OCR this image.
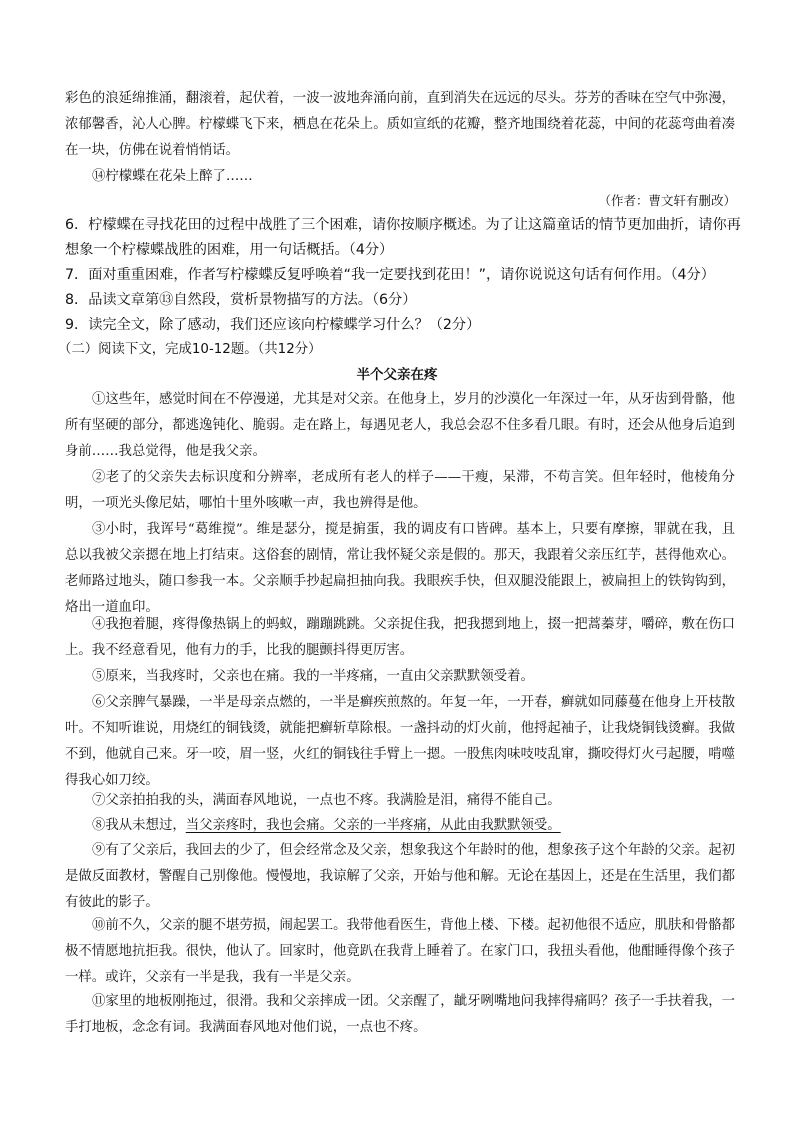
彩色的浪延绵推涌，翻滚着，起伏着，一波一波地奔涌向前，直到消失在远远的尽头。芬芳的香味在空气中弥漫，浓郁馨香，沁人心脾。柠檬蝶飞下来，栖息在花朵上。质如宣纸的花瓣，整齐地围绕着花蕊，中间的花蕊弯曲着凑在一块，仿佛在说着悄悄话。

⑭柠檬蝶在花朵上醉了……

（作者：曹文轩有删改）

6．柠檬蝶在寻找花田的过程中战胜了三个困难，请你按顺序概述。为了让这篇童话的情节更加曲折，请你再想象一个柠檬蝶战胜的困难，用一句话概括。（4分）

7．面对重重困难，作者写柠檬蝶反复呼唤着“我一定要找到花田！”，请你说说这句话有何作用。（4分）

8．品读文章第⑬自然段，赏析景物描写的方法。（6分）

9．读完全文，除了感动，我们还应该向柠檬蝶学习什么？（2分）

（二）阅读下文，完成10-12题。（共12分）

半个父亲在疼

①这些年，感觉时间在不停漫递，尤其是对父亲。在他身上，岁月的沙漠化一年深过一年，从牙齿到骨骼，他所有坚硬的部分，都逃逸钝化、脆弱。走在路上，每遇见老人，我总会忍不住多看几眼。有时，还会从他身后追到身前……我总觉得，他是我父亲。

②老了的父亲失去标识度和分辨率，老成所有老人的样子——干瘦，呆滞，不苟言笑。但年轻时，他棱角分明，一项光头像尼姑，哪怕十里外咳嗽一声，我也辨得是他。

③小时，我诨号“葛维搅”。维是瑟分，搅是掮蛋，我的调皮有口皆碑。基本上，只要有摩擦，罪就在我，且总以我被父亲摁在地上打结束。这俗套的剧情，常让我怀疑父亲是假的。那天，我跟着父亲压红芋，甚得他欢心。老师路过地头，随口参我一本。父亲顺手抄起扁担抽向我。我眼疾手快，但双腿没能跟上，被扁担上的铁钩钩到，烙出一道血印。

④我抱着腿，疼得像热锅上的蚂蚁，蹦蹦跳跳。父亲捉住我，把我摁到地上，掇一把蒿蓁芽，嚼碎，敷在伤口上。我不经意看见，他有力的手，比我的腿颤抖得更厉害。

⑤原来，当我疼时，父亲也在痛。我的一半疼痛，一直由父亲默默领受着。

⑥父亲脾气暴躁，一半是母亲点燃的，一半是癣疾煎熬的。年复一年，一开春，癣就如同藤蔓在他身上开枝散叶。不知听谁说，用烧红的铜钱烫，就能把癣斩草除根。一盏抖动的灯火前，他捋起袖子，让我烧铜钱烫癣。我做不到，他就自己来。牙一咬，眉一竖，火红的铜钱往手臂上一摁。一股焦肉味吱吱乱窜，撕咬得灯火弓起腰，啃噬得我心如刀绞。

⑦父亲拍拍我的头，满面春风地说，一点也不疼。我满脸是泪，痛得不能自己。

⑧我从未想过，当父亲疼时，我也会痛。父亲的一半疼痛，从此由我默默领受。

⑨有了父亲后，我回去的少了，但会经常念及父亲，想象我这个年龄时的他，想象孩子这个年龄的父亲。起初是做反面教材，警醒自己别像他。慢慢地，我谅解了父亲，开始与他和解。无论在基因上，还是在生活里，我们都有彼此的影子。

⑩前不久，父亲的腿不堪劳损，闹起罢工。我带他看医生，背他上楼、下楼。起初他很不适应，肌肤和骨骼都极不情愿地抗拒我。很快，他认了。回家时，他竟趴在我背上睡着了。在家门口，我扭头看他，他酣睡得像个孩子一样。或许，父亲有一半是我，我有一半是父亲。

⑪家里的地板刚拖过，很滑。我和父亲摔成一团。父亲醒了，龇牙咧嘴地问我摔得痛吗？孩子一手扶着我，一手打地板，念念有词。我满面春风地对他们说，一点也不疼。
